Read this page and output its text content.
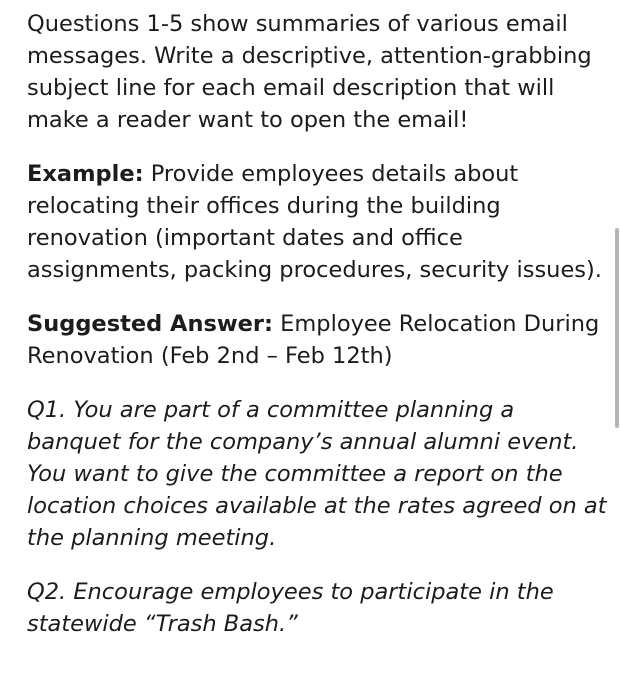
Questions 1-5 show summaries of various email messages. Write a descriptive, attention-grabbing subject line for each email description that will make a reader want to open the email!

Example: Provide employees details about relocating their offices during the building renovation (important dates and office assignments, packing procedures, security issues).

Suggested Answer: Employee Relocation During Renovation (Feb 2nd – Feb 12th)

Q1. You are part of a committee planning a banquet for the company’s annual alumni event. You want to give the committee a report on the location choices available at the rates agreed on at the planning meeting.

Q2. Encourage employees to participate in the statewide “Trash Bash.”
